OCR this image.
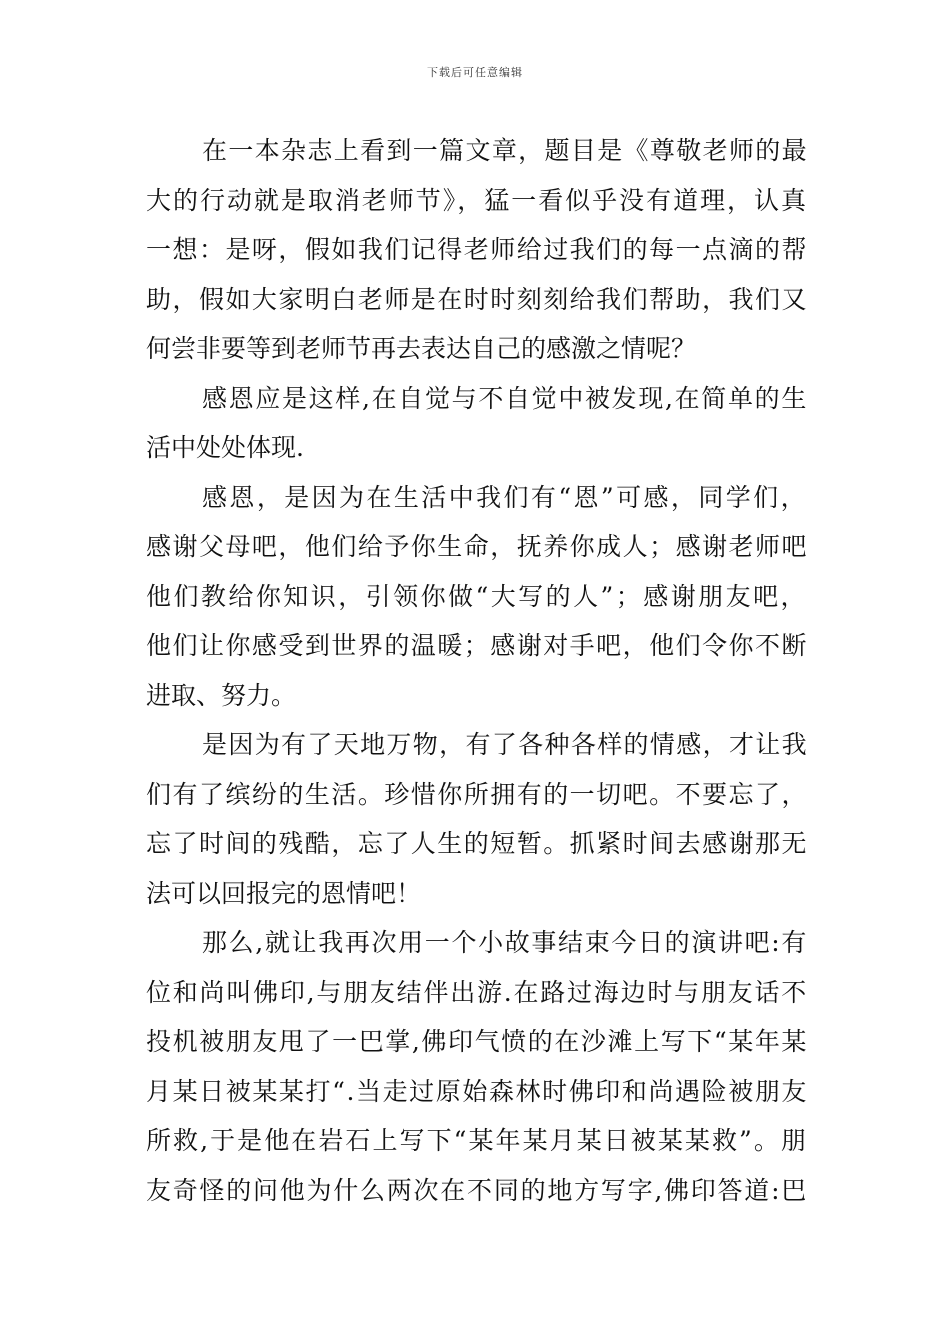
下载后可任意编辑
在一本杂志上看到一篇文章，题目是《尊敬老师的最
大的行动就是取消老师节》，猛一看似乎没有道理，认真
一想：是呀，假如我们记得老师给过我们的每一点滴的帮
助，假如大家明白老师是在时时刻刻给我们帮助，我们又
何尝非要等到老师节再去表达自己的感激之情呢？
感恩应是这样,在自觉与不自觉中被发现,在简单的生
活中处处体现.
感恩，是因为在生活中我们有“恩”可感，同学们，
感谢父母吧，他们给予你生命，抚养你成人；感谢老师吧
他们教给你知识，引领你做“大写的人”；感谢朋友吧，
他们让你感受到世界的温暖；感谢对手吧，他们令你不断
进取、努力。
是因为有了天地万物，有了各种各样的情感，才让我
们有了缤纷的生活。珍惜你所拥有的一切吧。不要忘了，
忘了时间的残酷，忘了人生的短暂。抓紧时间去感谢那无
法可以回报完的恩情吧！
那么,就让我再次用一个小故事结束今日的演讲吧:有
位和尚叫佛印,与朋友结伴出游.在路过海边时与朋友话不
投机被朋友甩了一巴掌,佛印气愤的在沙滩上写下“某年某
月某日被某某打“.当走过原始森林时佛印和尚遇险被朋友
所救,于是他在岩石上写下“某年某月某日被某某救”。朋
友奇怪的问他为什么两次在不同的地方写字,佛印答道:巴
